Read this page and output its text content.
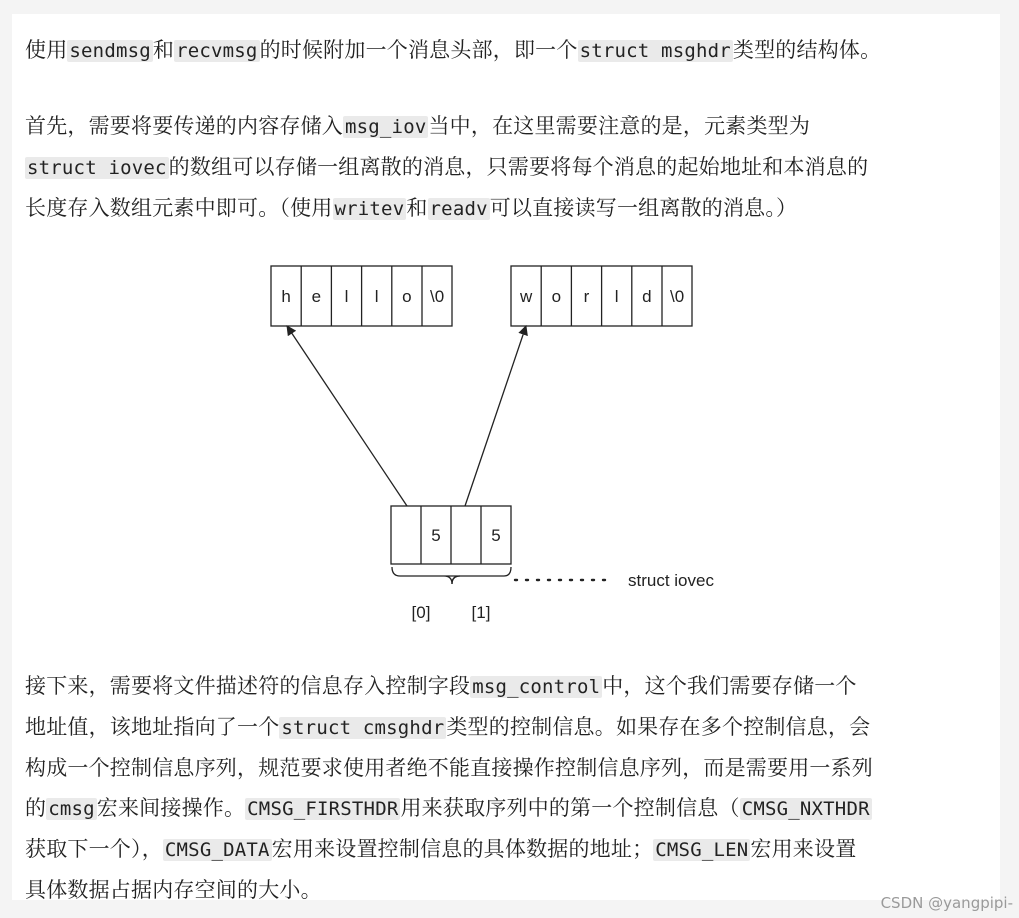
使用 sendmsg和 recvmsg的时候附加一个消息头部，即一个 struct msghdr类型的结构体。

首先，需要将要传递的内容存储入 msg_iov当中，在这里需要注意的是，元素类型为
struct iovec的数组可以存储一组离散的消息，只需要将每个消息的起始地址和本消息的
长度存入数组元素中即可。（使用 writev和 readv可以直接读写一组离散的消息。）

h e l l o \0	w o r l d \0
5	5
struct iovec
[0] [1]

接下来，需要将文件描述符的信息存入控制字段 msg_control中，这个我们需要存储一个
地址值，该地址指向了一个 struct cmsghdr类型的控制信息。如果存在多个控制信息，会
构成一个控制信息序列，规范要求使用者绝不能直接操作控制信息序列，而是需要用一系列
的 cmsg宏来间接操作。 CMSG_FIRSTHDR用来获取序列中的第一个控制信息（ CMSG_NXTHDR
获取下一个）， CMSG_DATA宏用来设置控制信息的具体数据的地址； CMSG_LEN宏用来设置
具体数据占据内存空间的大小。

CSDN @yangpipi-
